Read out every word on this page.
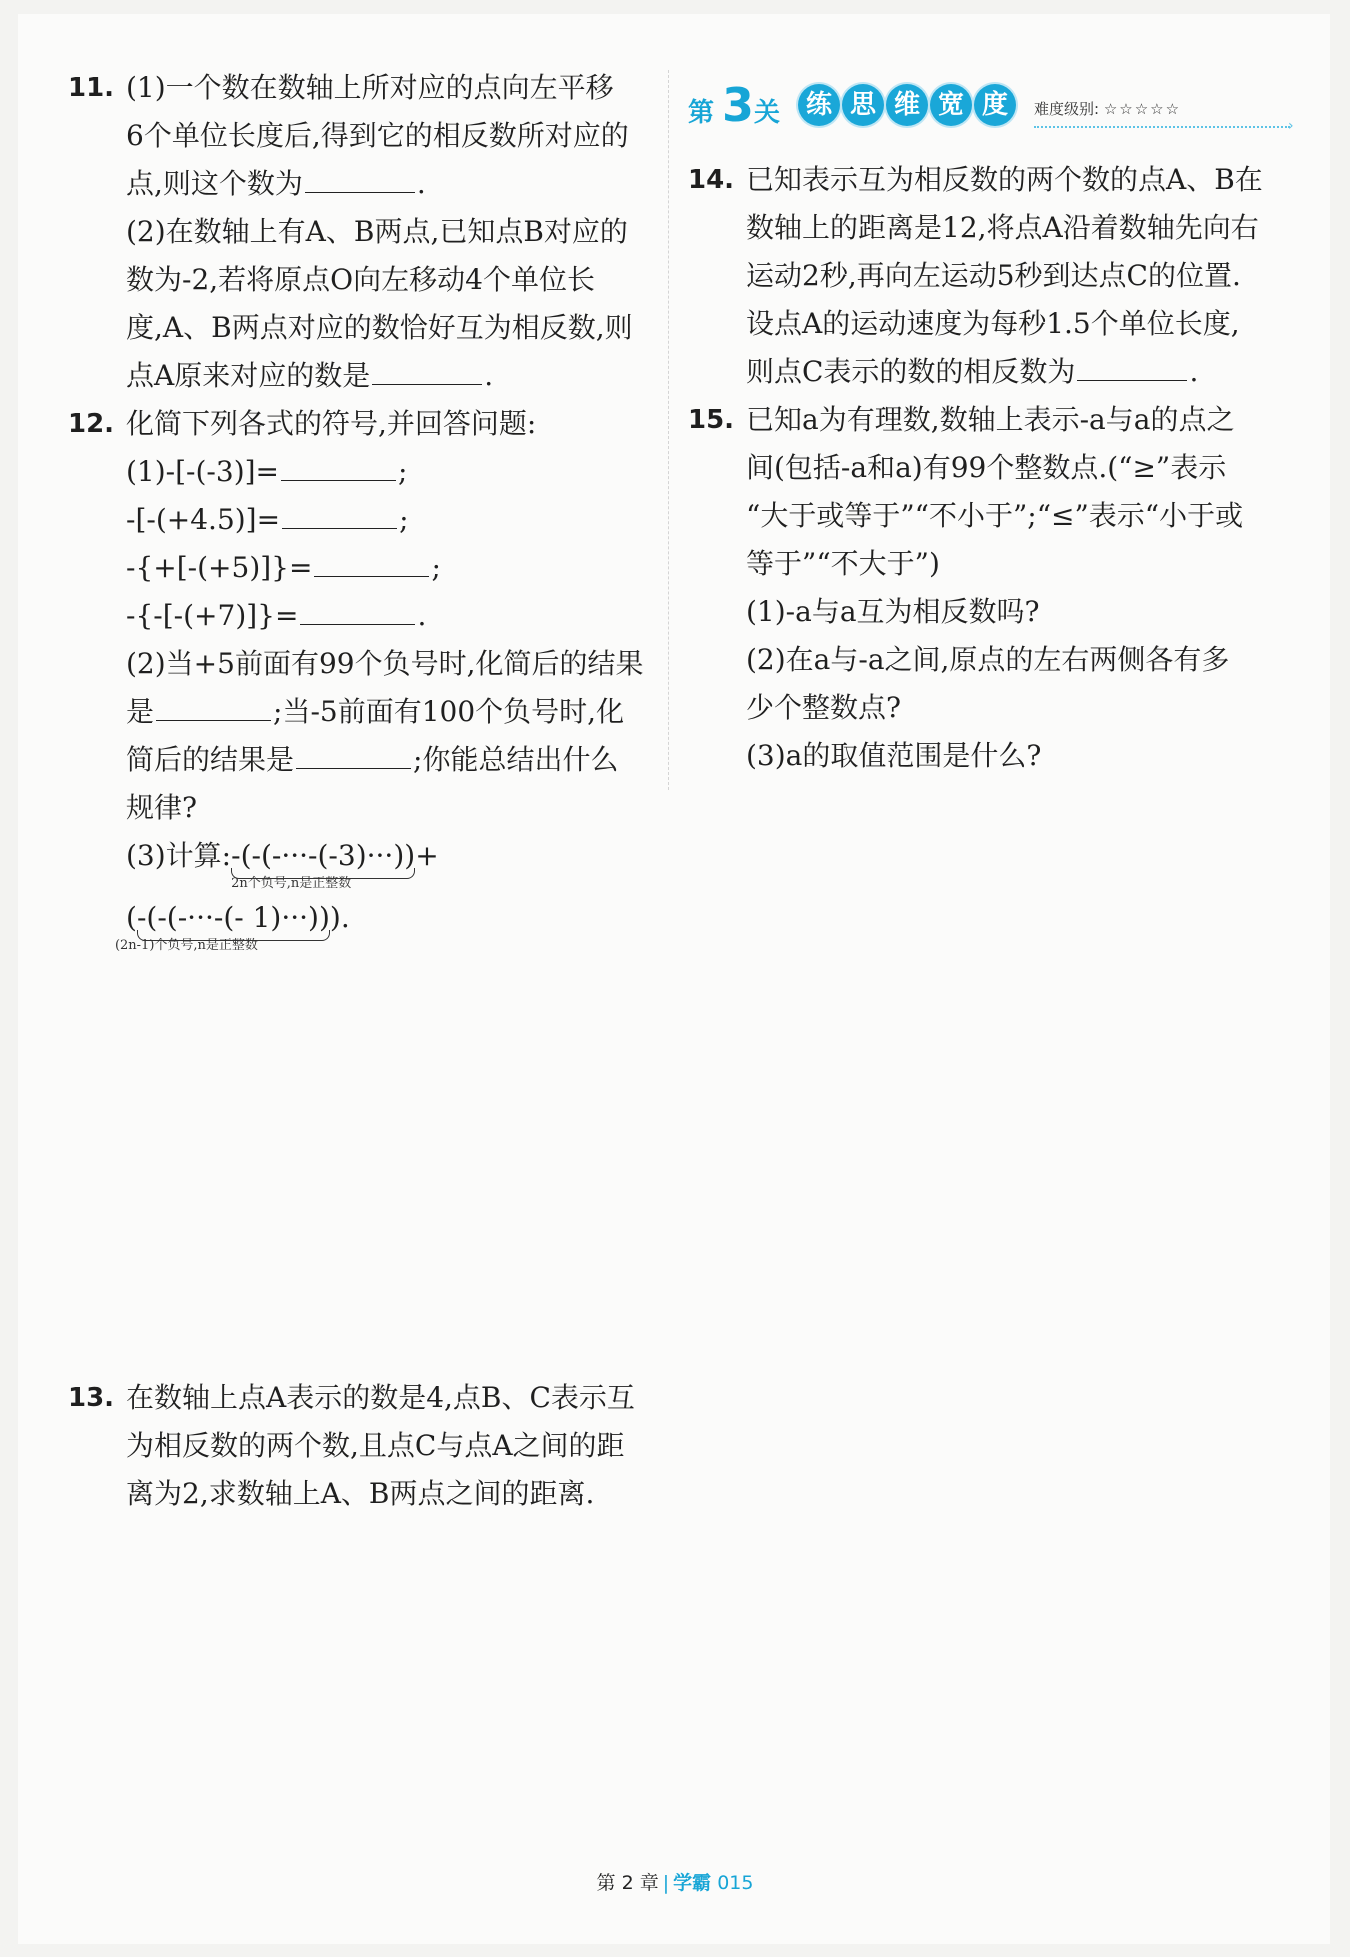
11. (1)一个数在数轴上所对应的点向左平移
6个单位长度后,得到它的相反数所对应的
点,则这个数为	.
(2)在数轴上有A、B两点,已知点B对应的
数为-2,若将原点O向左移动4个单位长
度,A、B两点对应的数恰好互为相反数,则
点A原来对应的数是	.
12. 化简下列各式的符号,并回答问题:
(1)-[-(-3)]=	;
-[-(+4.5)]=	;
-{+[-(+5)]}=	;
-{-[-(+7)]}=	.
(2)当+5前面有99个负号时,化简后的结果
是	;当-5前面有100个负号时,化
简后的结果是	;你能总结出什么
规律?
(3)计算:-(-(-···-(-3)···))
2n个负号,n是正整数
+
(-(-(-···-(- 1)···))
(2n-1)个负号,n是正整数
).
13. 在数轴上点A表示的数是4,点B、C表示互
为相反数的两个数,且点C与点A之间的距
离为2,求数轴上A、B两点之间的距离.
第 3 关 练 思 维 宽 度	难度级别: ☆☆☆☆☆
›
14. 已知表示互为相反数的两个数的点A、B在
数轴上的距离是12,将点A沿着数轴先向右
运动2秒,再向左运动5秒到达点C的位置.
设点A的运动速度为每秒1.5个单位长度,
则点C表示的数的相反数为	.
15. 已知a为有理数,数轴上表示-a与a的点之
间(包括-a和a)有99个整数点.(“≥”表示
“大于或等于”“不小于”;“≤”表示“小于或
等于”“不大于”)
(1)-a与a互为相反数吗?
(2)在a与-a之间,原点的左右两侧各有多
少个整数点?
(3)a的取值范围是什么?
第 2 章 | 学霸 015
